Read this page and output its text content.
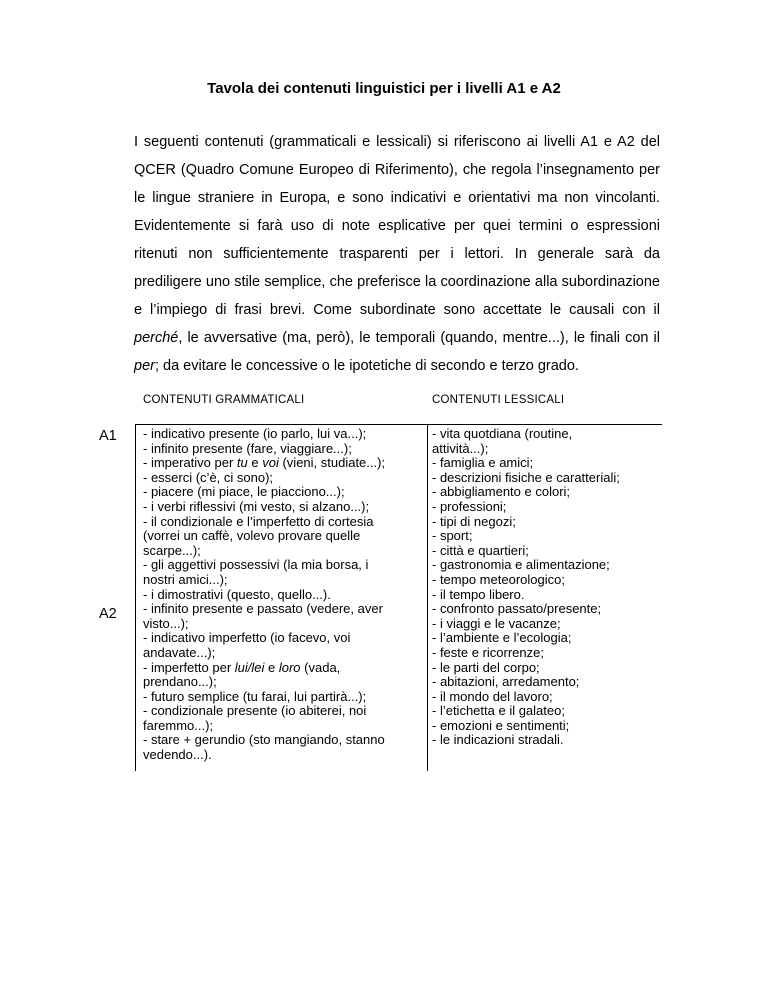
Tavola dei contenuti linguistici per i livelli A1 e A2

I seguenti contenuti (grammaticali e lessicali) si riferiscono ai livelli A1 e A2 del QCER (Quadro Comune Europeo di Riferimento), che regola l’insegnamento per le lingue straniere in Europa, e sono indicativi e orientativi ma non vincolanti. Evidentemente si farà uso di note esplicative per quei termini o espressioni ritenuti non sufficientemente trasparenti per i lettori. In generale sarà da prediligere uno stile semplice, che preferisce la coordinazione alla subordinazione e l’impiego di frasi brevi. Come subordinate sono accettate le causali con il perché, le avversative (ma, però), le temporali (quando, mentre...), le finali con il per; da evitare le concessive o le ipotetiche di secondo e terzo grado.

CONTENUTI GRAMMATICALI	CONTENUTI LESSICALI
A1
A2
- indicativo presente (io parlo, lui va...);
- infinito presente (fare, viaggiare...);
- imperativo per tu e voi (vieni, studiate...);
- esserci (c’è, ci sono);
- piacere (mi piace, le piacciono...);
- i verbi riflessivi (mi vesto, si alzano...);
- il condizionale e l’imperfetto di cortesia
(vorrei un caffè, volevo provare quelle
scarpe...);
- gli aggettivi possessivi (la mia borsa, i
nostri amici...);
- i dimostrativi (questo, quello...).
- infinito presente e passato (vedere, aver
visto...);
- indicativo imperfetto (io facevo, voi
andavate...);
- imperfetto per lui/lei e loro (vada,
prendano...);
- futuro semplice (tu farai, lui partirà...);
- condizionale presente (io abiterei, noi
faremmo...);
- stare + gerundio (sto mangiando, stanno
vedendo...).
- vita quotdiana (routine,
attività...);
- famiglia e amici;
- descrizioni fisiche e caratteriali;
- abbigliamento e colori;
- professioni;
- tipi di negozi;
- sport;
- città e quartieri;
- gastronomia e alimentazione;
- tempo meteorologico;
- il tempo libero.
- confronto passato/presente;
- i viaggi e le vacanze;
- l’ambiente e l’ecologia;
- feste e ricorrenze;
- le parti del corpo;
- abitazioni, arredamento;
- il mondo del lavoro;
- l’etichetta e il galateo;
- emozioni e sentimenti;
- le indicazioni stradali.
